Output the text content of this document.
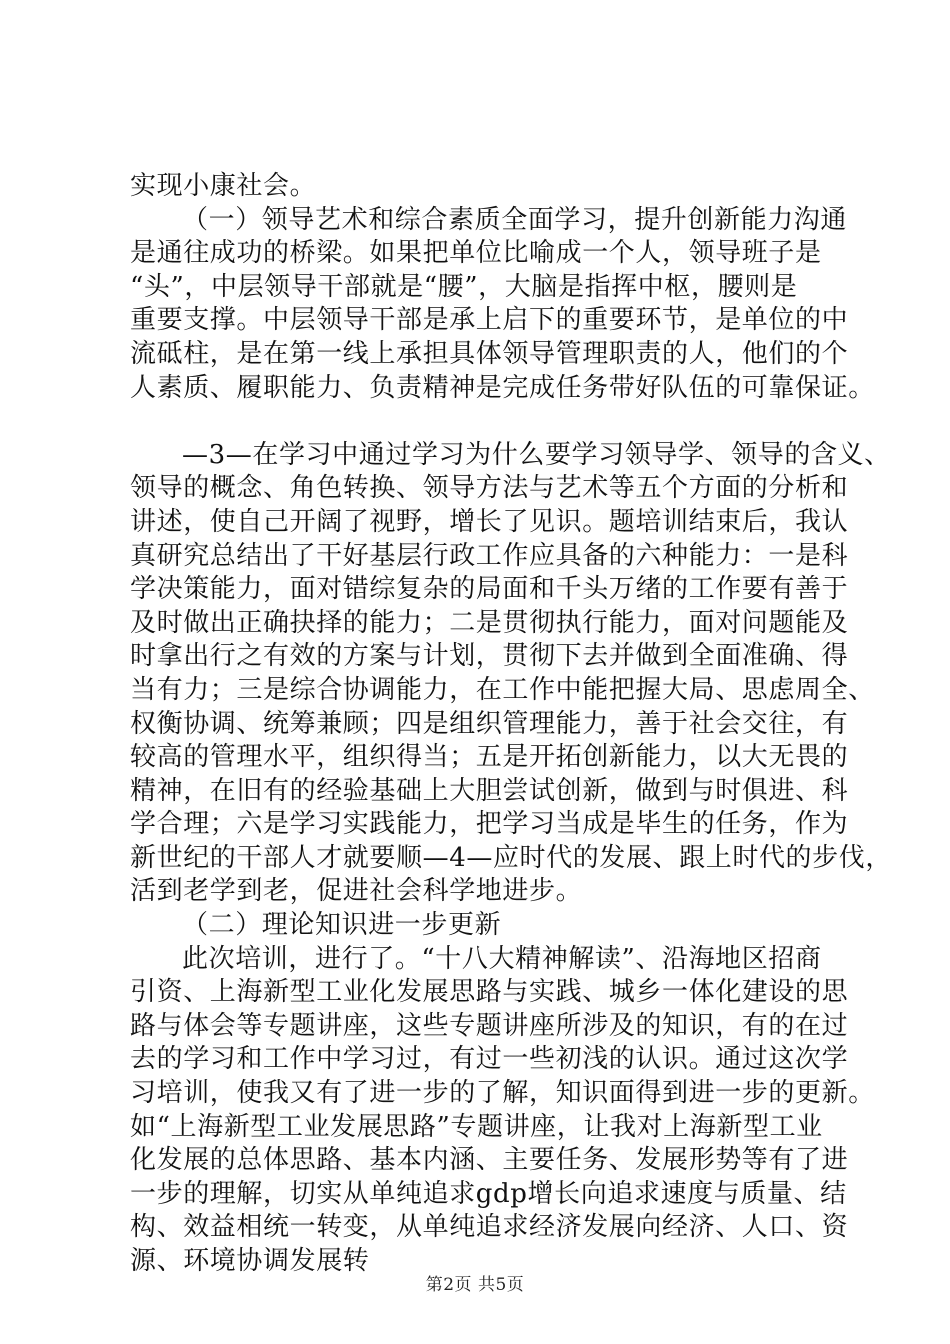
实现小康社会。
（一）领导艺术和综合素质全面学习，提升创新能力沟通
是通往成功的桥梁。如果把单位比喻成一个人，领导班子是
“头”，中层领导干部就是“腰”，大脑是指挥中枢，腰则是
重要支撑。中层领导干部是承上启下的重要环节，是单位的中
流砥柱，是在第一线上承担具体领导管理职责的人，他们的个
人素质、履职能力、负责精神是完成任务带好队伍的可靠保证。
—3—在学习中通过学习为什么要学习领导学、领导的含义、
领导的概念、角色转换、领导方法与艺术等五个方面的分析和
讲述，使自己开阔了视野，增长了见识。题培训结束后，我认
真研究总结出了干好基层行政工作应具备的六种能力：一是科
学决策能力，面对错综复杂的局面和千头万绪的工作要有善于
及时做出正确抉择的能力；二是贯彻执行能力，面对问题能及
时拿出行之有效的方案与计划，贯彻下去并做到全面准确、得
当有力；三是综合协调能力，在工作中能把握大局、思虑周全、
权衡协调、统筹兼顾；四是组织管理能力，善于社会交往，有
较高的管理水平，组织得当；五是开拓创新能力，以大无畏的
精神，在旧有的经验基础上大胆尝试创新，做到与时俱进、科
学合理；六是学习实践能力，把学习当成是毕生的任务，作为
新世纪的干部人才就要顺—4—应时代的发展、跟上时代的步伐，
活到老学到老，促进社会科学地进步。
（二）理论知识进一步更新
此次培训，进行了。“十八大精神解读”、沿海地区招商
引资、上海新型工业化发展思路与实践、城乡一体化建设的思
路与体会等专题讲座，这些专题讲座所涉及的知识，有的在过
去的学习和工作中学习过，有过一些初浅的认识。通过这次学
习培训，使我又有了进一步的了解，知识面得到进一步的更新。
如“上海新型工业发展思路”专题讲座，让我对上海新型工业
化发展的总体思路、基本内涵、主要任务、发展形势等有了进
一步的理解，切实从单纯追求gdp增长向追求速度与质量、结
构、效益相统一转变，从单纯追求经济发展向经济、人口、资
源、环境协调发展转
第2页 共5页
